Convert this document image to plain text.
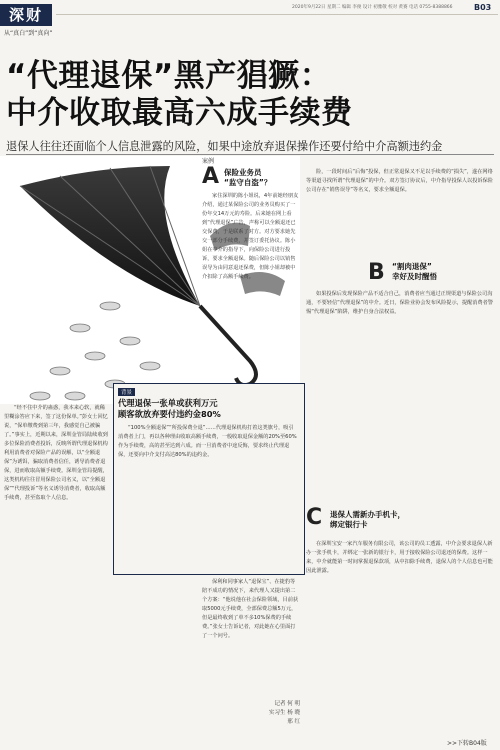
深财
从“真白”到“真向”
2020年9月22日 星期二 编辑 李俊 设计 初雅敬 校对 黄赛 电话 0755-8388866	B03
“代理退保”黑产猖獗：
中介收取最高六成手续费
退保人往往还面临个人信息泄露的风险，如果中途放弃退保操作还要付给中介高额违约金

“经不住中介的蛊惑，我本来心软，就稀里糊涂答应下来，签了这份保单。”彭女士回忆说，“保单缴费到第三年，我感觉自己被骗了。”事实上，近期以来，深圳金管局陆续收到多位保险消费者投诉，反映所谓代理退保机构利用消费者对保险产品的误解，以“全额退保”为诱饵，骗取消费者信任，诱导消费者退保，进而收取高额手续费。深圳金管局提醒，这类机构往往冒用保险公司名义，以“全额退保”“代理投诉”等名义诱导消费者，收取高额手续费，甚至盗取个人信息。

案例
A 保险业务员
“监守自盗”？

家住深圳的陈小姐说，4年前她经朋友介绍，通过某保险公司的业务员购买了一份年交14万元的寿险。后来她在网上看到“代理退保”广告，声称可以全额退还已交保费，于是联系了对方。对方要求她先交一部分手续费，并签订委托协议。陈小姐在中介的指导下，向保险公司进行投诉，要求全额退保。随后保险公司以销售误导为由同意退还保费，但陈小姐却被中介扣除了高额手续费。

险，一段时间后“后悔”投保，但正常退保又不足以手续费的“损失”，遂在网络等渠道寻找所谓“代理退保”的中介。双方签订协议后，中介指导投保人以投诉保险公司存在“销售误导”等名义，要求全额退保。

B “割肉退保”
幸好及时醒悟

如果投保后发现保险产品不适合自己，消费者应当通过正规渠道与保险公司沟通，不要轻信“代理退保”的中介。近日，保险业协会发布风险提示，提醒消费者警惕“代理退保”陷阱，维护自身合法权益。

背景
代理退保一张单或获利万元
顾客欲放弃要付违约金80%

“100%全额退保”“所投保费全退”……代理退保机构打着这类旗号，吸引消费者上门，再以各种理由收取高额手续费，一般收取退保金额的20%至60%作为手续费，高的甚至达到六成。而一旦消费者中途反悔，要求终止代理退保，还要向中介支付高达80%的违约金。

保利和同事家人“退保宝”、在捷豹等陪不成功的情况下，来代理人又提出第二个方案：“他说他在社会保险领域，目前获取5000元手续费，全部保费总额5万元，但是最终收到了单不多10%保费的手续费。”张女士告诉记者，对此她在心里面打了一个问号。

记者 何 明
实习生 杨 晓
邢 红
C 退保人需新办手机卡，
绑定银行卡

在深圳宝安一家汽车服务有限公司，该公司的员工透露，中介会要求退保人新办一张手机卡，并绑定一张新的银行卡，用于接收保险公司退还的保费。这样一来，中介就能第一时间掌握退保款项，从中扣除手续费，退保人的个人信息也可能因此泄露。

>>下转B04版
